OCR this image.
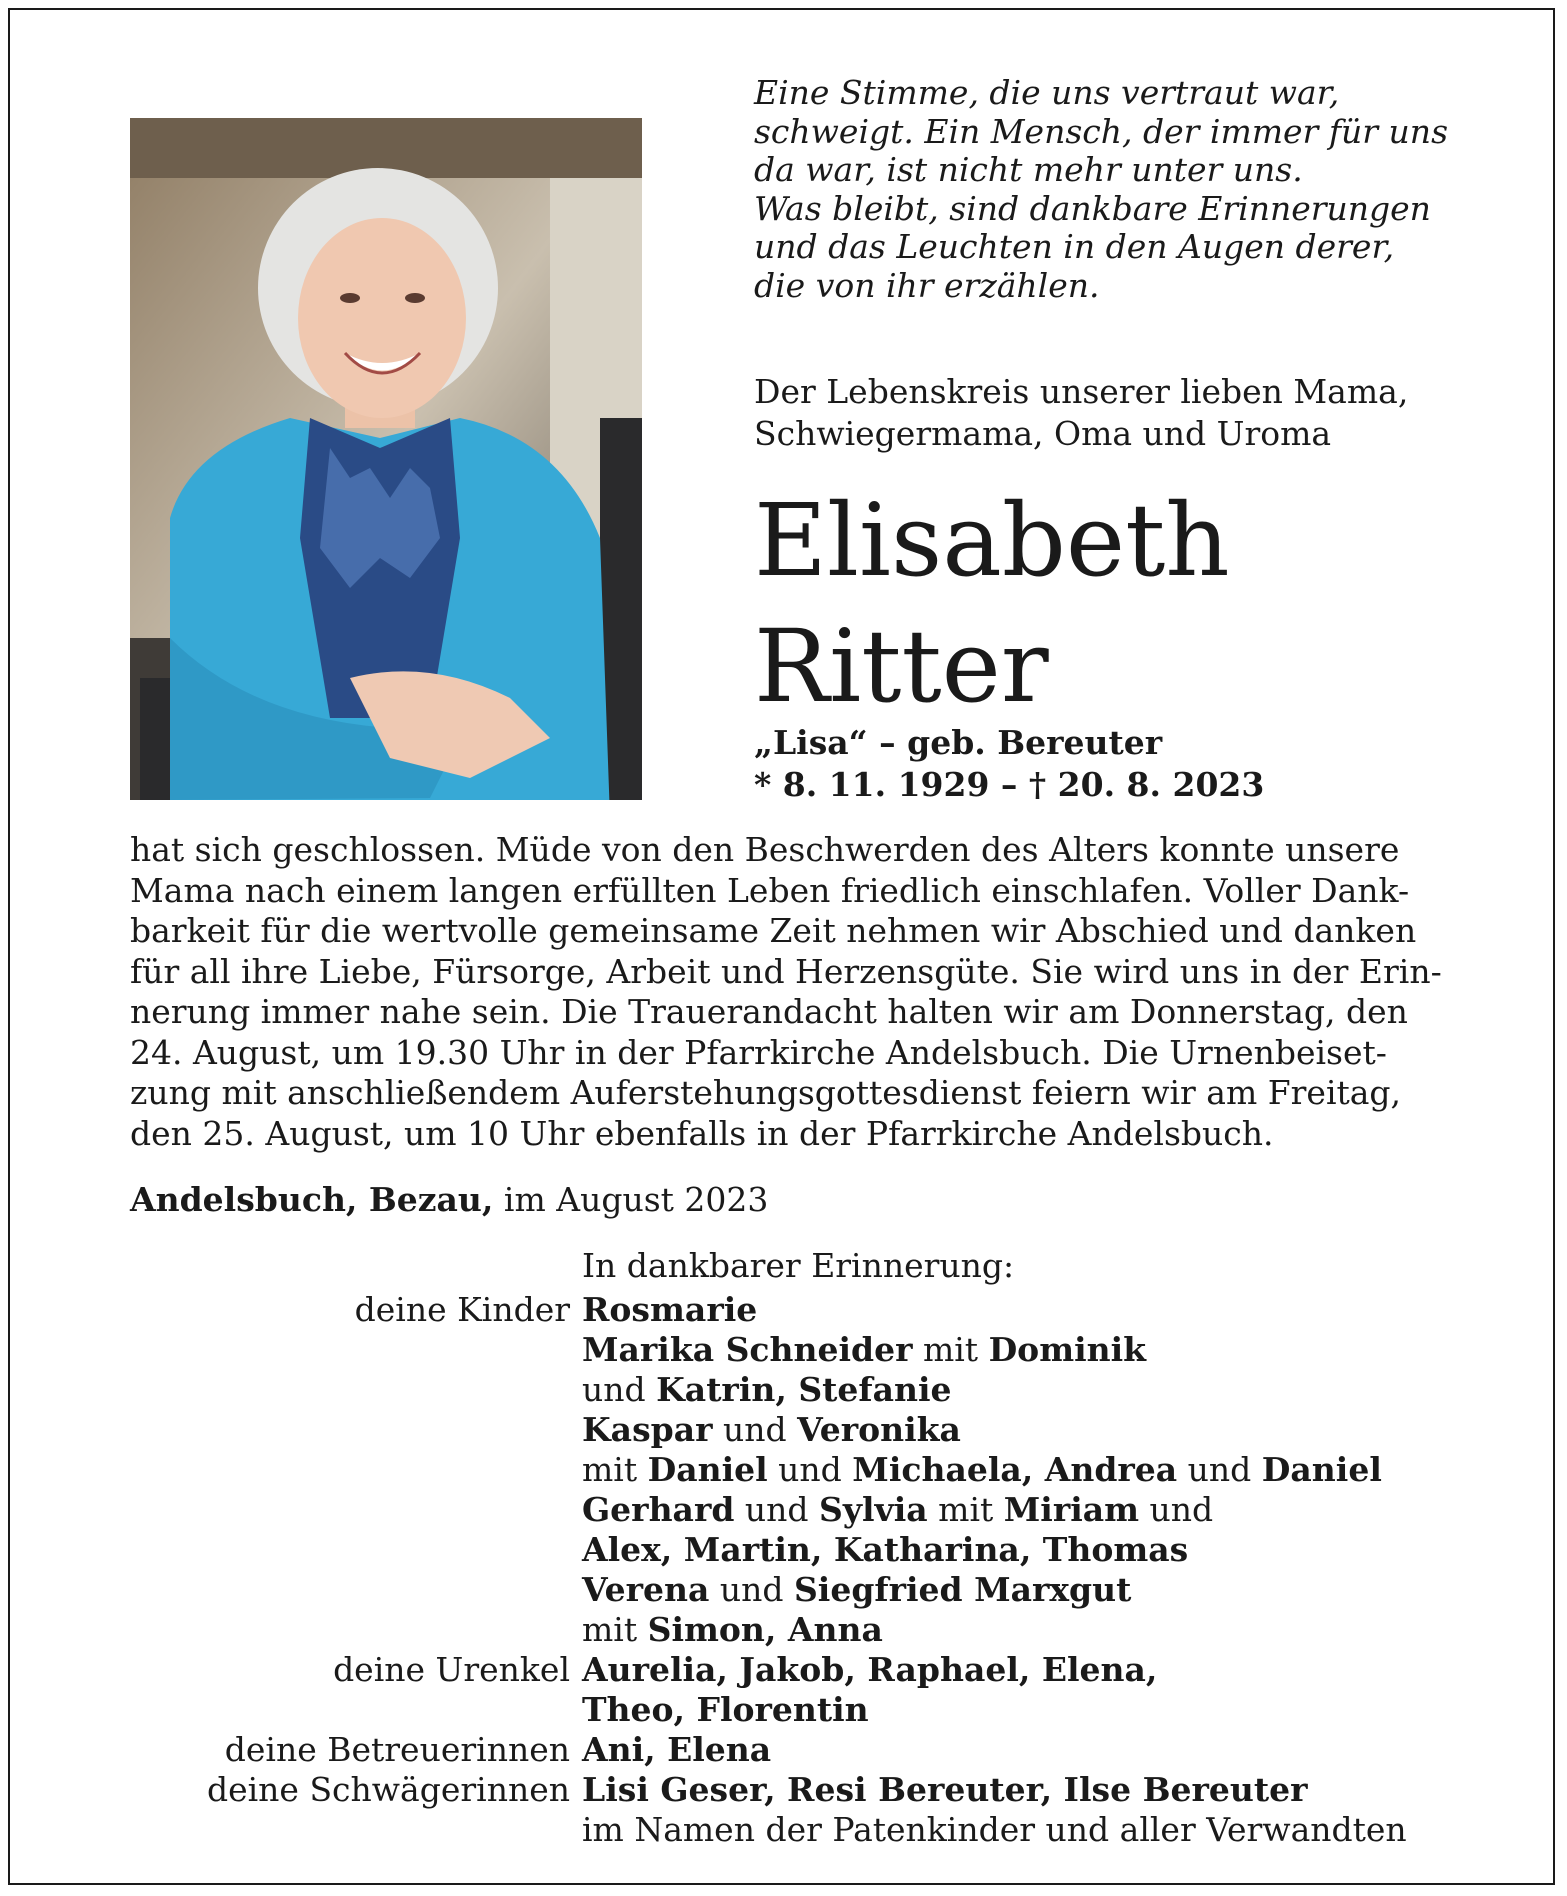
Eine Stimme, die uns vertraut war,
schweigt. Ein Mensch, der immer für uns
da war, ist nicht mehr unter uns.
Was bleibt, sind dankbare Erinnerungen
und das Leuchten in den Augen derer,
die von ihr erzählen.
Der Lebenskreis unserer lieben Mama,
Schwiegermama, Oma und Uroma
Elisabeth
Ritter
„Lisa“ – geb. Bereuter
* 8. 11. 1929 – † 20. 8. 2023
hat sich geschlossen. Müde von den Beschwerden des Alters konnte unsere
Mama nach einem langen erfüllten Leben friedlich einschlafen. Voller Dank-
barkeit für die wertvolle gemeinsame Zeit nehmen wir Abschied und danken
für all ihre Liebe, Fürsorge, Arbeit und Herzensgüte. Sie wird uns in der Erin-
nerung immer nahe sein. Die Trauerandacht halten wir am Donnerstag, den
24. August, um 19.30 Uhr in der Pfarrkirche Andelsbuch. Die Urnenbeiset-
zung mit anschließendem Auferstehungsgottesdienst feiern wir am Freitag,
den 25. August, um 10 Uhr ebenfalls in der Pfarrkirche Andelsbuch.
Andelsbuch, Bezau, im August 2023
In dankbarer Erinnerung:
deine Kinder Rosmarie
Marika Schneider mit Dominik
und Katrin, Stefanie
Kaspar und Veronika
mit Daniel und Michaela, Andrea und Daniel
Gerhard und Sylvia mit Miriam und
Alex, Martin, Katharina, Thomas
Verena und Siegfried Marxgut
mit Simon, Anna
deine Urenkel Aurelia, Jakob, Raphael, Elena,
Theo, Florentin
deine Betreuerinnen Ani, Elena
deine Schwägerinnen Lisi Geser, Resi Bereuter, Ilse Bereuter
im Namen der Patenkinder und aller Verwandten
